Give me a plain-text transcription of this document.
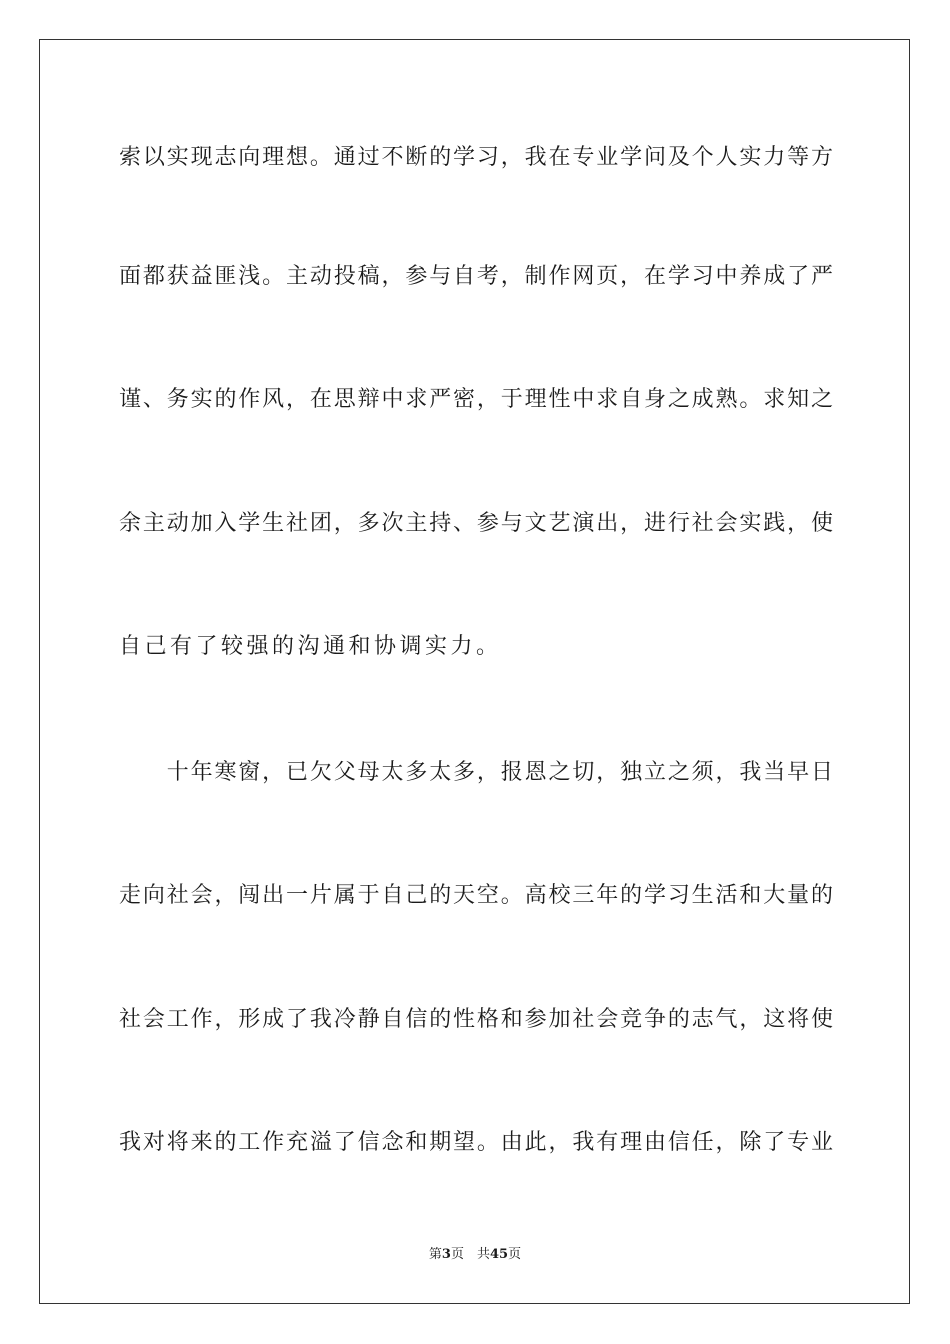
索以实现志向理想。通过不断的学习，我在专业学问及个人实力等方

面都获益匪浅。主动投稿，参与自考，制作网页，在学习中养成了严

谨、务实的作风，在思辩中求严密，于理性中求自身之成熟。求知之

余主动加入学生社团，多次主持、参与文艺演出，进行社会实践，使

自己有了较强的沟通和协调实力。

　　十年寒窗，已欠父母太多太多，报恩之切，独立之须，我当早日

走向社会，闯出一片属于自己的天空。高校三年的学习生活和大量的

社会工作，形成了我冷静自信的性格和参加社会竞争的志气，这将使

我对将来的工作充溢了信念和期望。由此，我有理由信任，除了专业

第3页　 共45页
